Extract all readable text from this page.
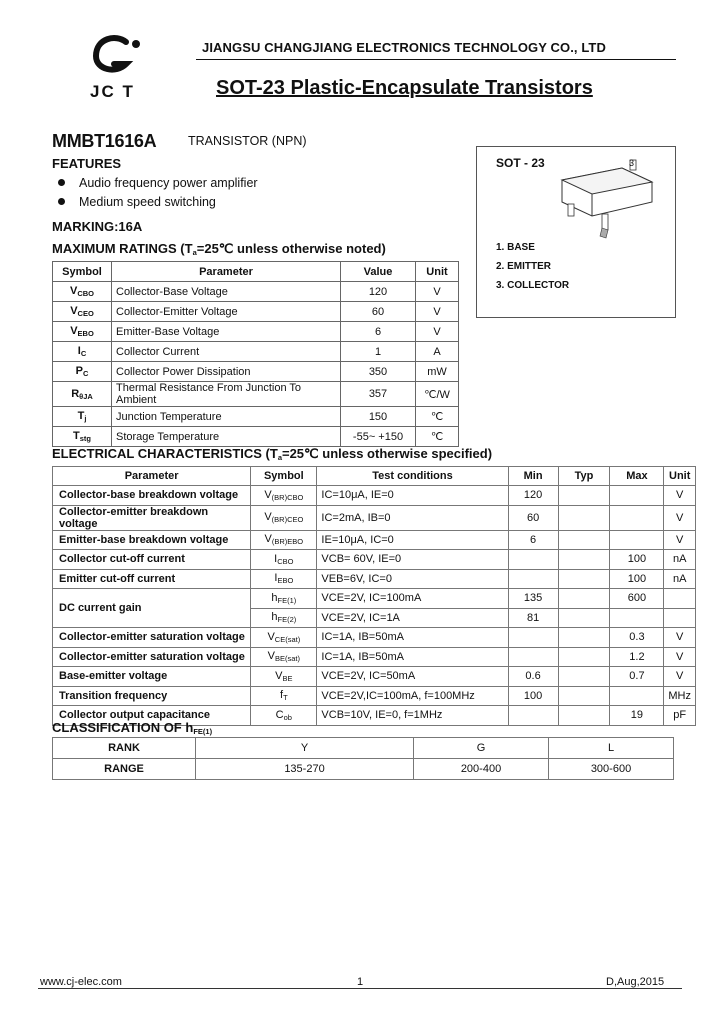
JC T
JIANGSU CHANGJIANG ELECTRONICS TECHNOLOGY CO., LTD
SOT-23 Plastic-Encapsulate Transistors
MMBT1616A	TRANSISTOR (NPN)
FEATURES
Audio frequency power amplifier
Medium speed switching
MARKING:16A
SOT - 23	3
1. BASE
2. EMITTER
3. COLLECTOR
MAXIMUM RATINGS ($T_a=25℃$ unless otherwise noted)
Symbol	Parameter	Value	Unit
$V_{CBO}$	Collector-Base Voltage	120	V
$V_{CEO}$	Collector-Emitter Voltage	60	V
$V_{EBO}$	Emitter-Base Voltage	6	V
$I_C$	Collector Current	1	A
$P_C$	Collector Power Dissipation	350	mW
$R_{\theta JA}$	Thermal Resistance From Junction To Ambient	357	℃/W
$T_j$	Junction Temperature	150	℃
$T_{stg}$	Storage Temperature	-55~ +150	℃
ELECTRICAL CHARACTERISTICS ($T_a=25℃$ unless otherwise specified)
Parameter	Symbol	Test conditions	Min	Typ	Max	Unit
Collector-base breakdown voltage	$V_{(BR)CBO}$	IC=10μA, IE=0	120			V
Collector-emitter breakdown voltage	$V_{(BR)CEO}$	IC=2mA, IB=0	60			V
Emitter-base breakdown voltage	$V_{(BR)EBO}$	IE=10μA, IC=0	6			V
Collector cut-off current	$I_{CBO}$	VCB= 60V, IE=0			100	nA
Emitter cut-off current	$I_{EBO}$	VEB=6V, IC=0			100	nA
DC current gain	$h_{FE(1)}$	VCE=2V, IC=100mA	135		600	
	$h_{FE(2)}$	VCE=2V, IC=1A	81			
Collector-emitter saturation voltage	$V_{CE(sat)}$	IC=1A, IB=50mA			0.3	V
Collector-emitter saturation voltage	$V_{BE(sat)}$	IC=1A, IB=50mA			1.2	V
Base-emitter voltage	$V_{BE}$	VCE=2V, IC=50mA	0.6		0.7	V
Transition frequency	$f_T$	VCE=2V,IC=100mA, f=100MHz	100			MHz
Collector output capacitance	$C_{ob}$	VCB=10V, IE=0, f=1MHz			19	pF
CLASSIFICATION OF $h_{FE(1)}$
RANK	Y	G	L
RANGE	135-270	200-400	300-600
www.cj-elec.com	1	D,Aug,2015
